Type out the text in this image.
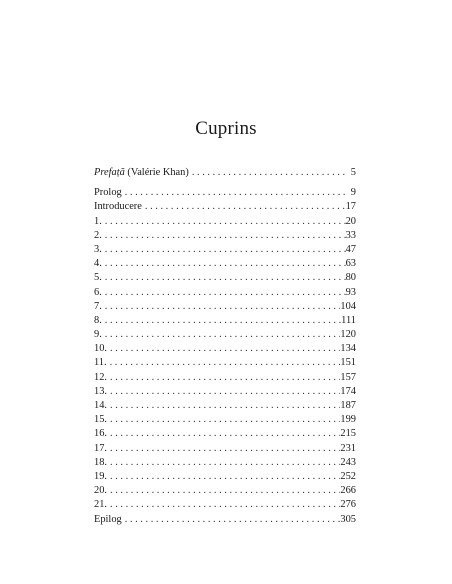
Cuprins
Prefață (Valérie Khan) . . .	5
Prolog . . .	9
Introducere . . .	17
1. . . .	20
2. . . .	33
3. . . .	47
4. . . .	63
5. . . .	80
6. . . .	93
7. . . .	104
8. . . .	111
9. . . .	120
10. . . .	134
11. . . .	151
12. . . .	157
13. . . .	174
14. . . .	187
15. . . .	199
16. . . .	215
17. . . .	231
18. . . .	243
19. . . .	252
20. . . .	266
21. . . .	276
Epilog . . .	305
